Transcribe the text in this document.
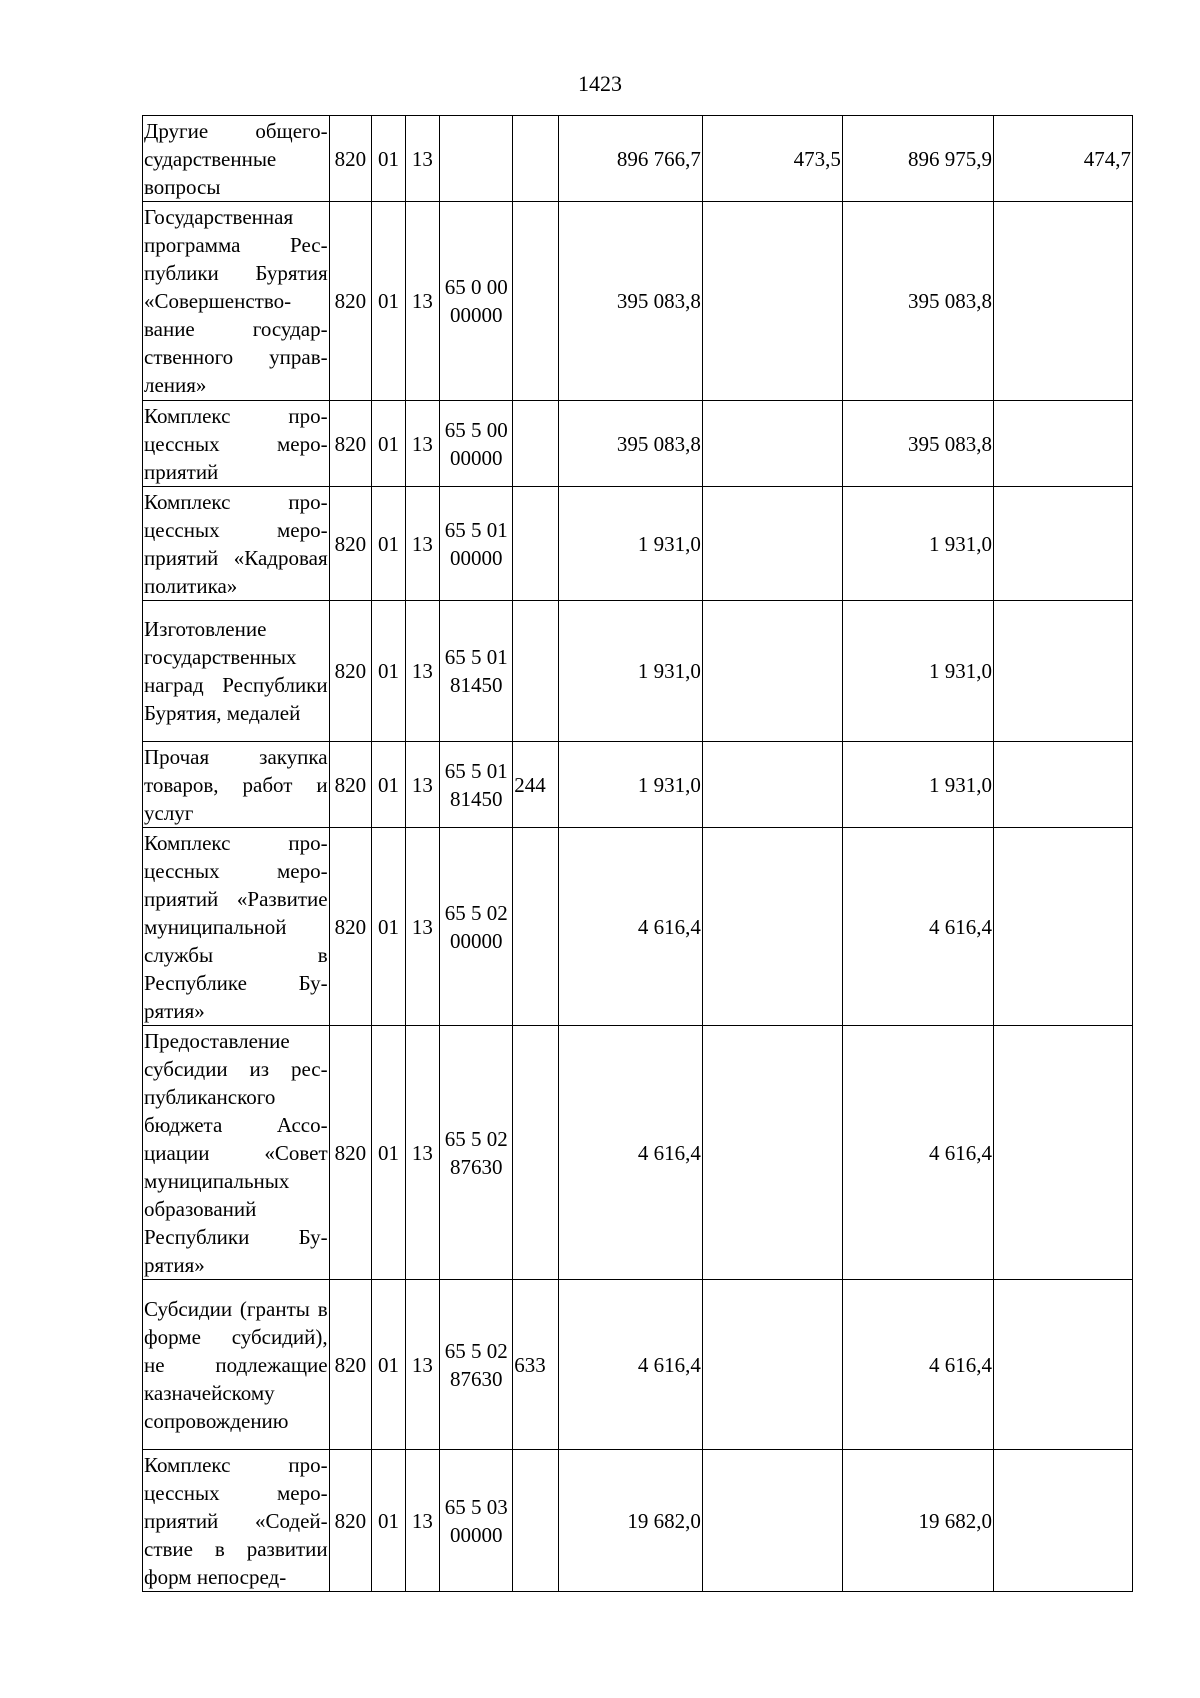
1423
Другие общегосударственные вопросы	820	01	13			896 766,7	473,5	896 975,9	474,7
Государственная программа Республики Бурятия «Совершенствование государственного управления»	820	01	13	65 0 00 00000		395 083,8		395 083,8	
Комплекс процессных мероприятий	820	01	13	65 5 00 00000		395 083,8		395 083,8	
Комплекс процессных мероприятий «Кадровая политика»	820	01	13	65 5 01 00000		1 931,0		1 931,0	
Изготовление государственных наград Республики Бурятия, медалей	820	01	13	65 5 01 81450		1 931,0		1 931,0	
Прочая закупка товаров, работ и услуг	820	01	13	65 5 01 81450	244	1 931,0		1 931,0	
Комплекс процессных мероприятий «Развитие муниципальной службы в Республике Бурятия»	820	01	13	65 5 02 00000		4 616,4		4 616,4	
Предоставление субсидии из республиканского бюджета Ассоциации «Совет муниципальных образований Республики Бурятия»	820	01	13	65 5 02 87630		4 616,4		4 616,4	
Субсидии (гранты в форме субсидий), не подлежащие казначейскому сопровождению	820	01	13	65 5 02 87630	633	4 616,4		4 616,4	
Комплекс процессных мероприятий «Содействие в развитии форм непосред-	820	01	13	65 5 03 00000		19 682,0		19 682,0	
